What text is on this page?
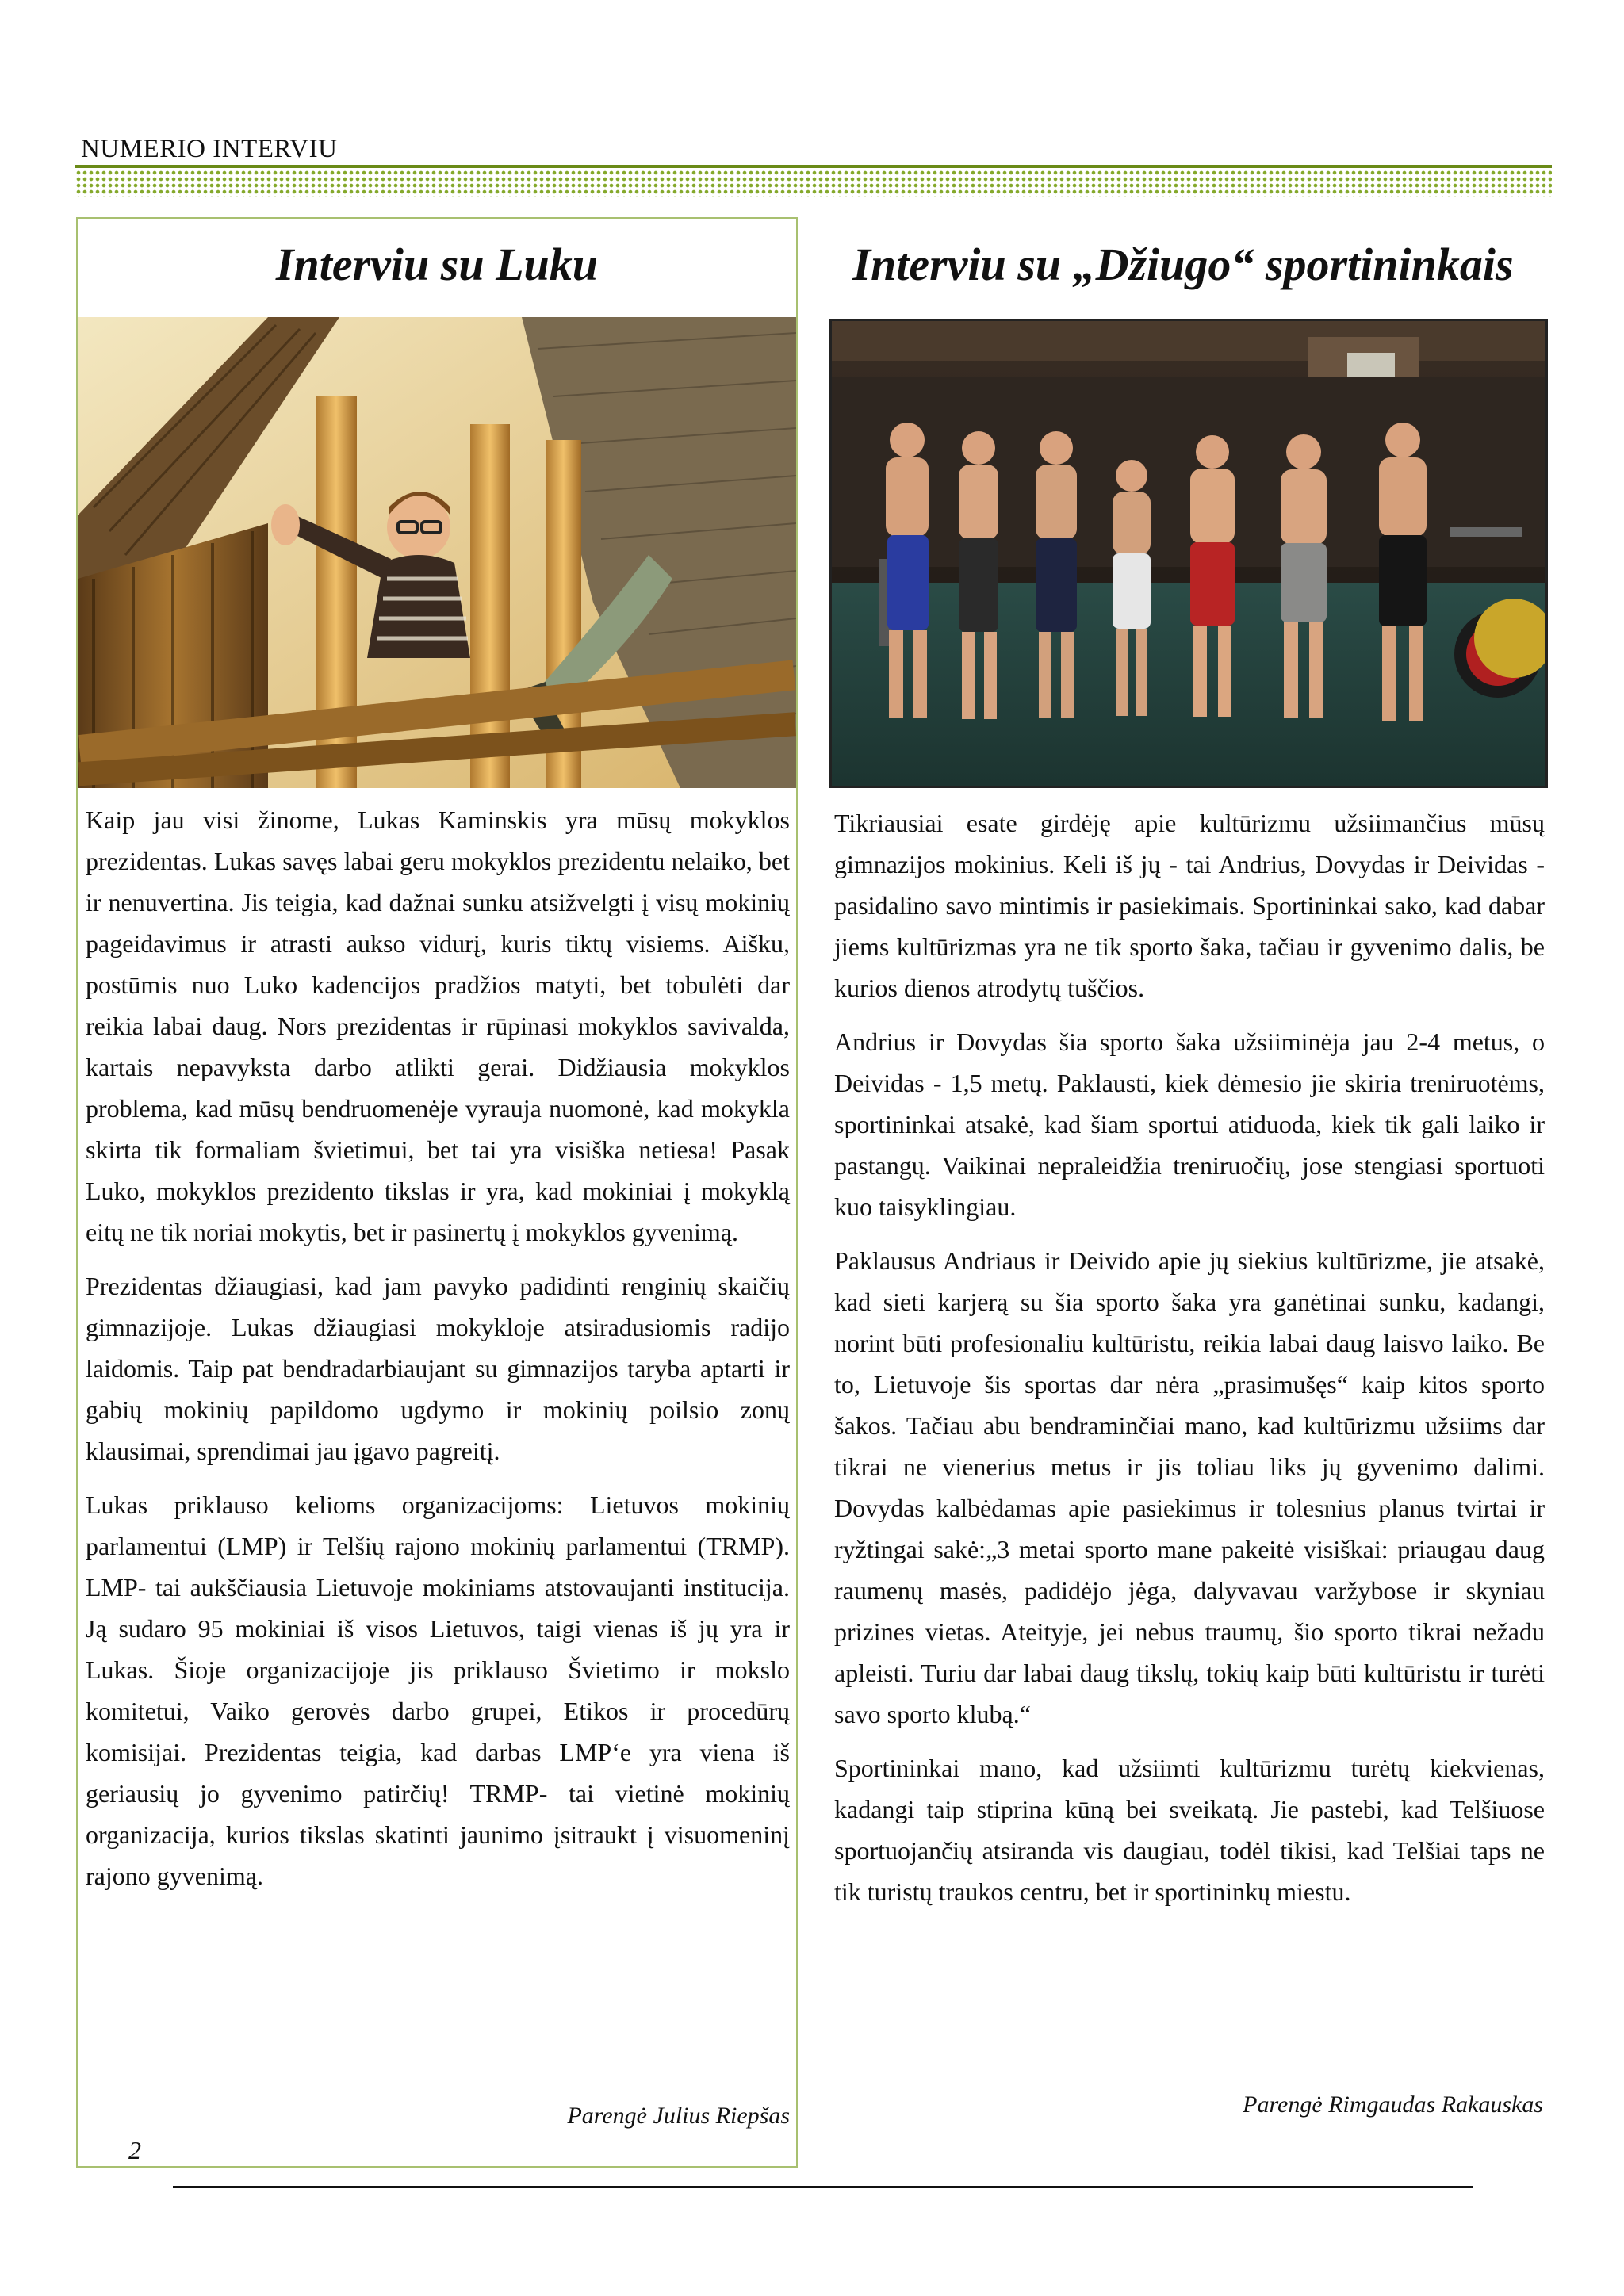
NUMERIO INTERVIU
Interviu su Luku

Kaip jau visi žinome, Lukas Kaminskis yra mūsų mokyklos prezidentas. Lukas savęs labai geru mokyklos prezidentu nelaiko, bet ir nenuvertina. Jis teigia, kad dažnai sunku atsižvelgti į visų mokinių pageidavimus ir atrasti aukso vidurį, kuris tiktų visiems. Aišku, postūmis nuo Luko kadencijos pradžios matyti, bet tobulėti dar reikia labai daug. Nors prezidentas ir rūpinasi mokyklos savivalda, kartais nepavyksta darbo atlikti gerai. Didžiausia mokyklos problema, kad mūsų bendruomenėje vyrauja nuomonė, kad mokykla skirta tik formaliam švietimui, bet tai yra visiška netiesa! Pasak Luko, mokyklos prezidento tikslas ir yra, kad mokiniai į mokyklą eitų ne tik noriai mokytis, bet ir pasinertų į mokyklos gyvenimą.

Prezidentas džiaugiasi, kad jam pavyko padidinti renginių skaičių gimnazijoje. Lukas džiaugiasi mokykloje atsiradusiomis radijo laidomis. Taip pat bendradarbiaujant su gimnazijos taryba aptarti ir gabių mokinių papildomo ugdymo ir mokinių poilsio zonų klausimai, sprendimai jau įgavo pagreitį.

Lukas priklauso kelioms organizacijoms: Lietuvos mokinių parlamentui (LMP) ir Telšių rajono mokinių parlamentui (TRMP). LMP- tai aukščiausia Lietuvoje mokiniams atstovaujanti institucija. Ją sudaro 95 mokiniai iš visos Lietuvos, taigi vienas iš jų yra ir Lukas. Šioje organizacijoje jis priklauso Švietimo ir mokslo komitetui, Vaiko gerovės darbo grupei, Etikos ir procedūrų komisijai. Prezidentas teigia, kad darbas LMP‘e yra viena iš geriausių jo gyvenimo patirčių! TRMP- tai vietinė mokinių organizacija, kurios tikslas skatinti jaunimo įsitraukt į visuomeninį rajono gyvenimą.

Parengė Julius Riepšas
2
Interviu su „Džiugo“ sportininkais

Tikriausiai esate girdėję apie kultūrizmu užsiimančius mūsų gimnazijos mokinius. Keli iš jų - tai Andrius, Dovydas ir Deividas - pasidalino savo mintimis ir pasiekimais. Sportininkai sako, kad dabar jiems kultūrizmas yra ne tik sporto šaka, tačiau ir gyvenimo dalis, be kurios dienos atrodytų tuščios.

Andrius ir Dovydas šia sporto šaka užsiiminėja jau 2-4 metus, o Deividas - 1,5 metų. Paklausti, kiek dėmesio jie skiria treniruotėms, sportininkai atsakė, kad šiam sportui atiduoda, kiek tik gali laiko ir pastangų. Vaikinai nepraleidžia treniruočių, jose stengiasi sportuoti kuo taisyklingiau.

Paklausus Andriaus ir Deivido apie jų siekius kultūrizme, jie atsakė, kad sieti karjerą su šia sporto šaka yra ganėtinai sunku, kadangi, norint būti profesionaliu kultūristu, reikia labai daug laisvo laiko. Be to, Lietuvoje šis sportas dar nėra „prasimušęs“ kaip kitos sporto šakos. Tačiau abu bendraminčiai mano, kad kultūrizmu užsiims dar tikrai ne vienerius metus ir jis toliau liks jų gyvenimo dalimi. Dovydas kalbėdamas apie pasiekimus ir tolesnius planus tvirtai ir ryžtingai sakė:„3 metai sporto mane pakeitė visiškai: priaugau daug raumenų masės, padidėjo jėga, dalyvavau varžybose ir skyniau prizines vietas. Ateityje, jei nebus traumų, šio sporto tikrai nežadu apleisti. Turiu dar labai daug tikslų, tokių kaip būti kultūristu ir turėti savo sporto klubą.“

Sportininkai mano, kad užsiimti kultūrizmu turėtų kiekvienas, kadangi taip stiprina kūną bei sveikatą. Jie pastebi, kad Telšiuose sportuojančių atsiranda vis daugiau, todėl tikisi, kad Telšiai taps ne tik turistų traukos centru, bet ir sportininkų miestu.

Parengė Rimgaudas Rakauskas
